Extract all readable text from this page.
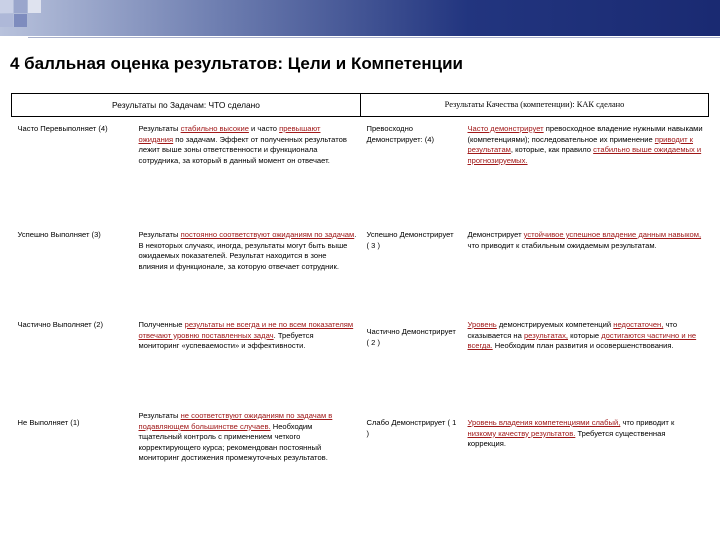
4 балльная оценка результатов: Цели и Компетенции
Результаты по Задачам: ЧТО сделано		Результаты Качества (компетенции): КАК сделано	
Часто Перевыполняет (4)	Результаты стабильно высокие и часто превышают ожидания по задачам. Эффект от полученных результатов лежит выше зоны ответственности и функционала сотрудника, за который в данный момент он отвечает.	Превосходно Демонстрирует: (4)	Часто демонстрирует превосходное владение нужными навыками (компетенциями); последовательное их применение приводит к результатам, которые, как правило стабильно выше ожидаемых и прогнозируемых.
Успешно Выполняет (3)	Результаты постоянно соответствуют ожиданиям по задачам. В некоторых случаях, иногда, результаты могут быть выше ожидаемых показателей. Результат находится в зоне влияния и функционале, за которую отвечает сотрудник.	Успешно Демонстрирует ( 3 )	Демонстрирует устойчивое успешное владение данным навыком, что приводит к стабильным ожидаемым результатам.
Частично Выполняет (2)	Полученные результаты не всегда и не по всем показателям отвечают уровню поставленных задач. Требуется мониторинг «успеваемости» и эффективности.	Частично Демонстрирует ( 2 )	Уровень демонстрируемых компетенций недостаточен, что сказывается на результатах, которые достигаются частично и не всегда. Необходим план развития и осовершенствования.
Не Выполняет (1)	Результаты не соответствуют ожиданиям по задачам в подавляющем большинстве случаев. Необходим тщательный контроль с применением четкого корректирующего курса; рекомендован постоянный мониторинг достижения промежуточных результатов.	Слабо Демонстрирует ( 1 )	Уровень владения компетенциями слабый, что приводит к низкому качеству результатов. Требуется существенная коррекция.
